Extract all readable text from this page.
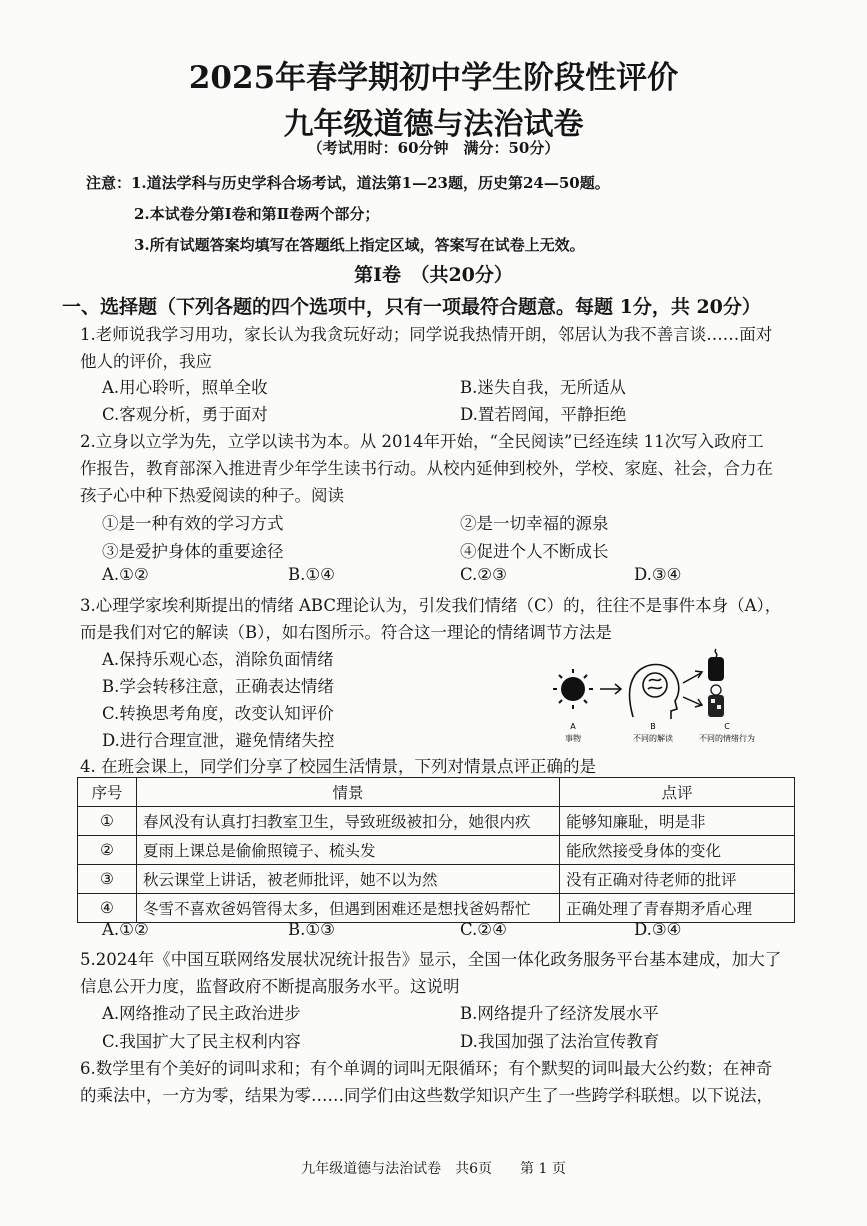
2025年春学期初中学生阶段性评价
九年级道德与法治试卷
（考试用时：60分钟　满分：50分）
注意：1.道法学科与历史学科合场考试，道法第1—23题，历史第24—50题。
2.本试卷分第Ⅰ卷和第Ⅱ卷两个部分；
3.所有试题答案均填写在答题纸上指定区域，答案写在试卷上无效。
第Ⅰ卷　（共20分）
一、选择题（下列各题的四个选项中，只有一项最符合题意。每题 1分，共 20分）
1.老师说我学习用功，家长认为我贪玩好动；同学说我热情开朗，邻居认为我不善言谈……面对
他人的评价，我应
A.用心聆听，照单全收	B.迷失自我，无所适从
C.客观分析，勇于面对	D.置若罔闻，平静拒绝
2.立身以立学为先，立学以读书为本。从 2014年开始，“全民阅读”已经连续 11次写入政府工
作报告，教育部深入推进青少年学生读书行动。从校内延伸到校外，学校、家庭、社会，合力在
孩子心中种下热爱阅读的种子。阅读
①是一种有效的学习方式	②是一切幸福的源泉
③是爱护身体的重要途径	④促进个人不断成长
A.①②	B.①④	C.②③	D.③④
3.心理学家埃利斯提出的情绪 ABC理论认为，引发我们情绪（C）的，往往不是事件本身（A），
而是我们对它的解读（B），如右图所示。符合这一理论的情绪调节方法是
A.保持乐观心态，消除负面情绪
B.学会转移注意，正确表达情绪
C.转换思考角度，改变认知评价
D.进行合理宣泄，避免情绪失控
A
事物
B
不同的解读
C
不同的情绪行为
4. 在班会课上，同学们分享了校园生活情景，下列对情景点评正确的是
序号	情景	点评
①	春风没有认真打扫教室卫生，导致班级被扣分，她很内疚	能够知廉耻，明是非
②	夏雨上课总是偷偷照镜子、梳头发	能欣然接受身体的变化
③	秋云课堂上讲话，被老师批评，她不以为然	没有正确对待老师的批评
④	冬雪不喜欢爸妈管得太多，但遇到困难还是想找爸妈帮忙	正确处理了青春期矛盾心理
A.①②	B.①③	C.②④	D.③④
5.2024年《中国互联网络发展状况统计报告》显示，全国一体化政务服务平台基本建成，加大了
信息公开力度，监督政府不断提高服务水平。这说明
A.网络推动了民主政治进步	B.网络提升了经济发展水平
C.我国扩大了民主权利内容	D.我国加强了法治宣传教育
6.数学里有个美好的词叫求和；有个单调的词叫无限循环；有个默契的词叫最大公约数；在神奇
的乘法中，一方为零，结果为零……同学们由这些数学知识产生了一些跨学科联想。以下说法，
九年级道德与法治试卷　共6页　　第 1 页
